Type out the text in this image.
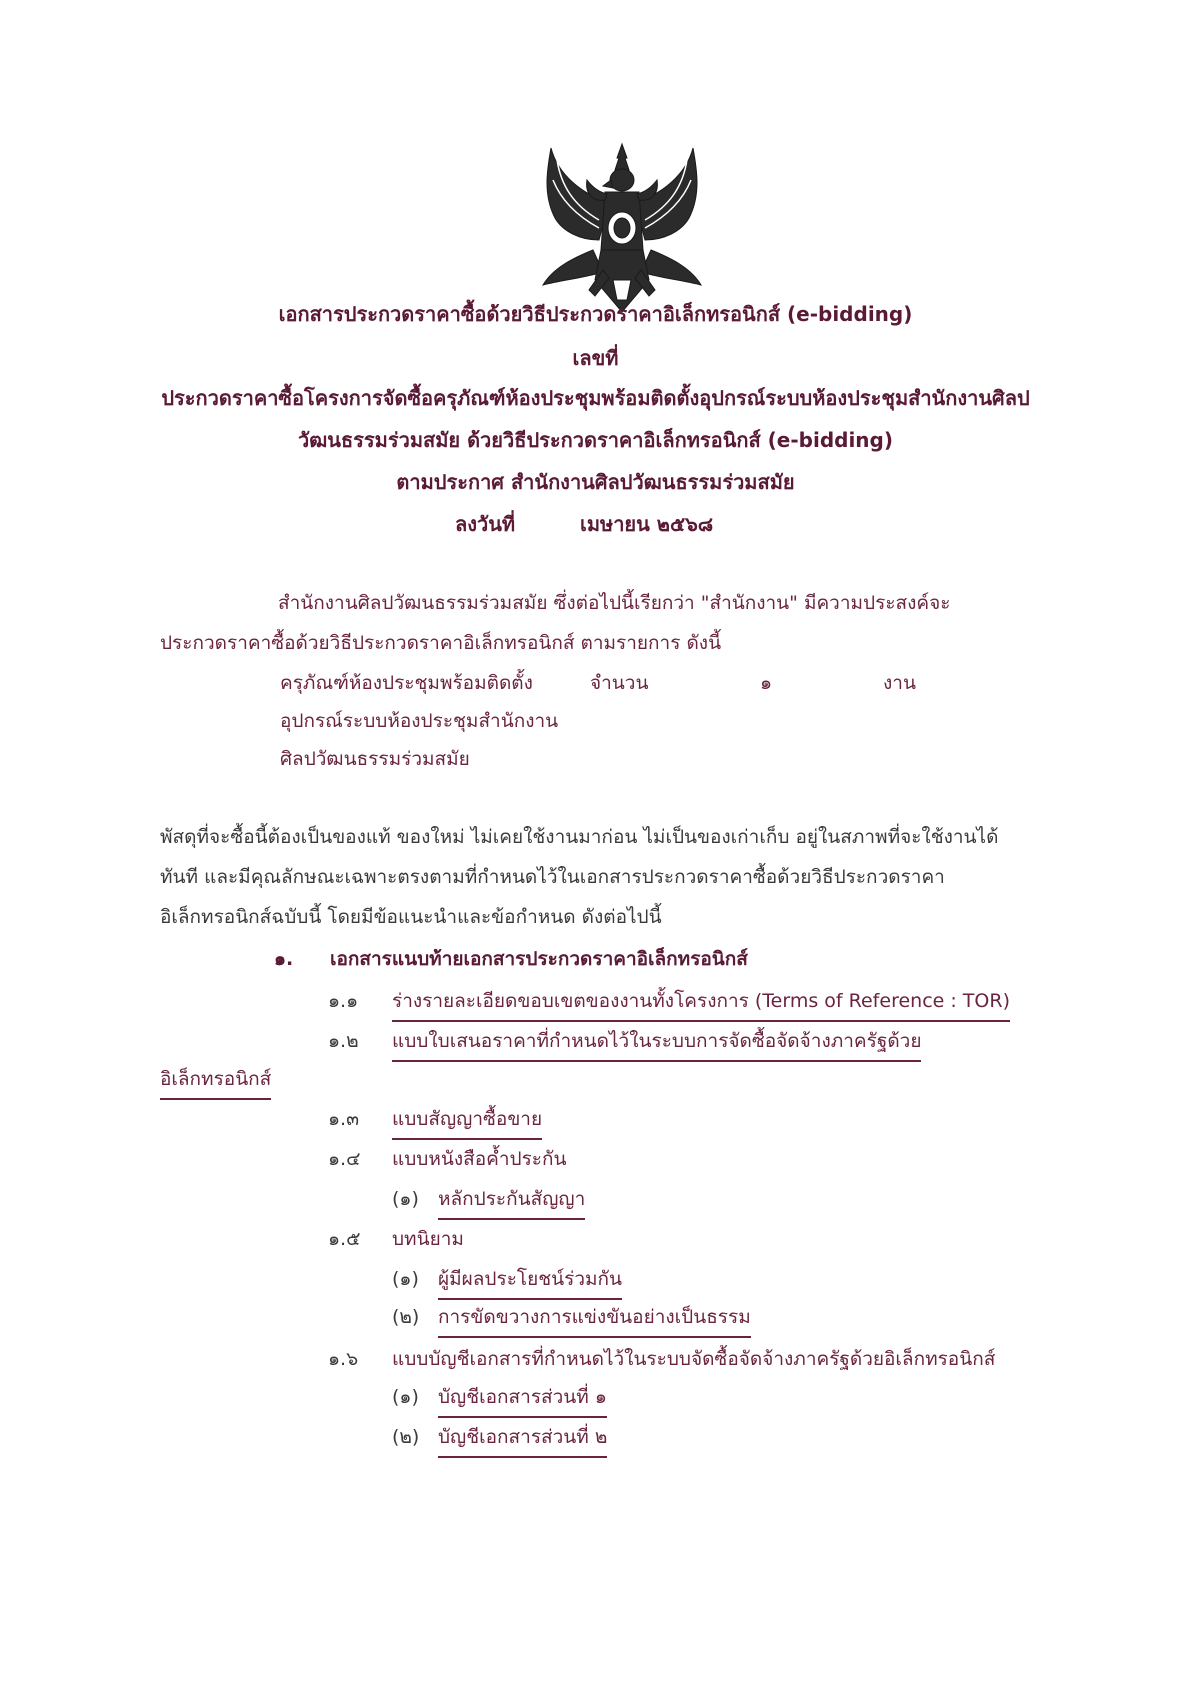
เอกสารประกวดราคาซื้อด้วยวิธีประกวดราคาอิเล็กทรอนิกส์ (e-bidding)
เลขที่
ประกวดราคาซื้อโครงการจัดซื้อครุภัณฑ์ห้องประชุมพร้อมติดตั้งอุปกรณ์ระบบห้องประชุมสำนักงานศิลป
วัฒนธรรมร่วมสมัย ด้วยวิธีประกวดราคาอิเล็กทรอนิกส์ (e-bidding)
ตามประกาศ สำนักงานศิลปวัฒนธรรมร่วมสมัย
ลงวันที่	เมษายน ๒๕๖๘
สำนักงานศิลปวัฒนธรรมร่วมสมัย ซึ่งต่อไปนี้เรียกว่า "สำนักงาน" มีความประสงค์จะ
ประกวดราคาซื้อด้วยวิธีประกวดราคาอิเล็กทรอนิกส์ ตามรายการ ดังนี้
ครุภัณฑ์ห้องประชุมพร้อมติดตั้ง	จำนวน	๑	งาน
อุปกรณ์ระบบห้องประชุมสำนักงาน
ศิลปวัฒนธรรมร่วมสมัย
พัสดุที่จะซื้อนี้ต้องเป็นของแท้ ของใหม่ ไม่เคยใช้งานมาก่อน ไม่เป็นของเก่าเก็บ อยู่ในสภาพที่จะใช้งานได้
ทันที และมีคุณลักษณะเฉพาะตรงตามที่กำหนดไว้ในเอกสารประกวดราคาซื้อด้วยวิธีประกวดราคา
อิเล็กทรอนิกส์ฉบับนี้ โดยมีข้อแนะนำและข้อกำหนด ดังต่อไปนี้
๑. เอกสารแนบท้ายเอกสารประกวดราคาอิเล็กทรอนิกส์
๑.๑ ร่างรายละเอียดขอบเขตของงานทั้งโครงการ (Terms of Reference : TOR)
๑.๒ แบบใบเสนอราคาที่กำหนดไว้ในระบบการจัดซื้อจัดจ้างภาครัฐด้วย
อิเล็กทรอนิกส์
๑.๓ แบบสัญญาซื้อขาย
๑.๔ แบบหนังสือค้ำประกัน
(๑) หลักประกันสัญญา
๑.๕ บทนิยาม
(๑) ผู้มีผลประโยชน์ร่วมกัน
(๒) การขัดขวางการแข่งขันอย่างเป็นธรรม
๑.๖ แบบบัญชีเอกสารที่กำหนดไว้ในระบบจัดซื้อจัดจ้างภาครัฐด้วยอิเล็กทรอนิกส์
(๑) บัญชีเอกสารส่วนที่ ๑
(๒) บัญชีเอกสารส่วนที่ ๒
